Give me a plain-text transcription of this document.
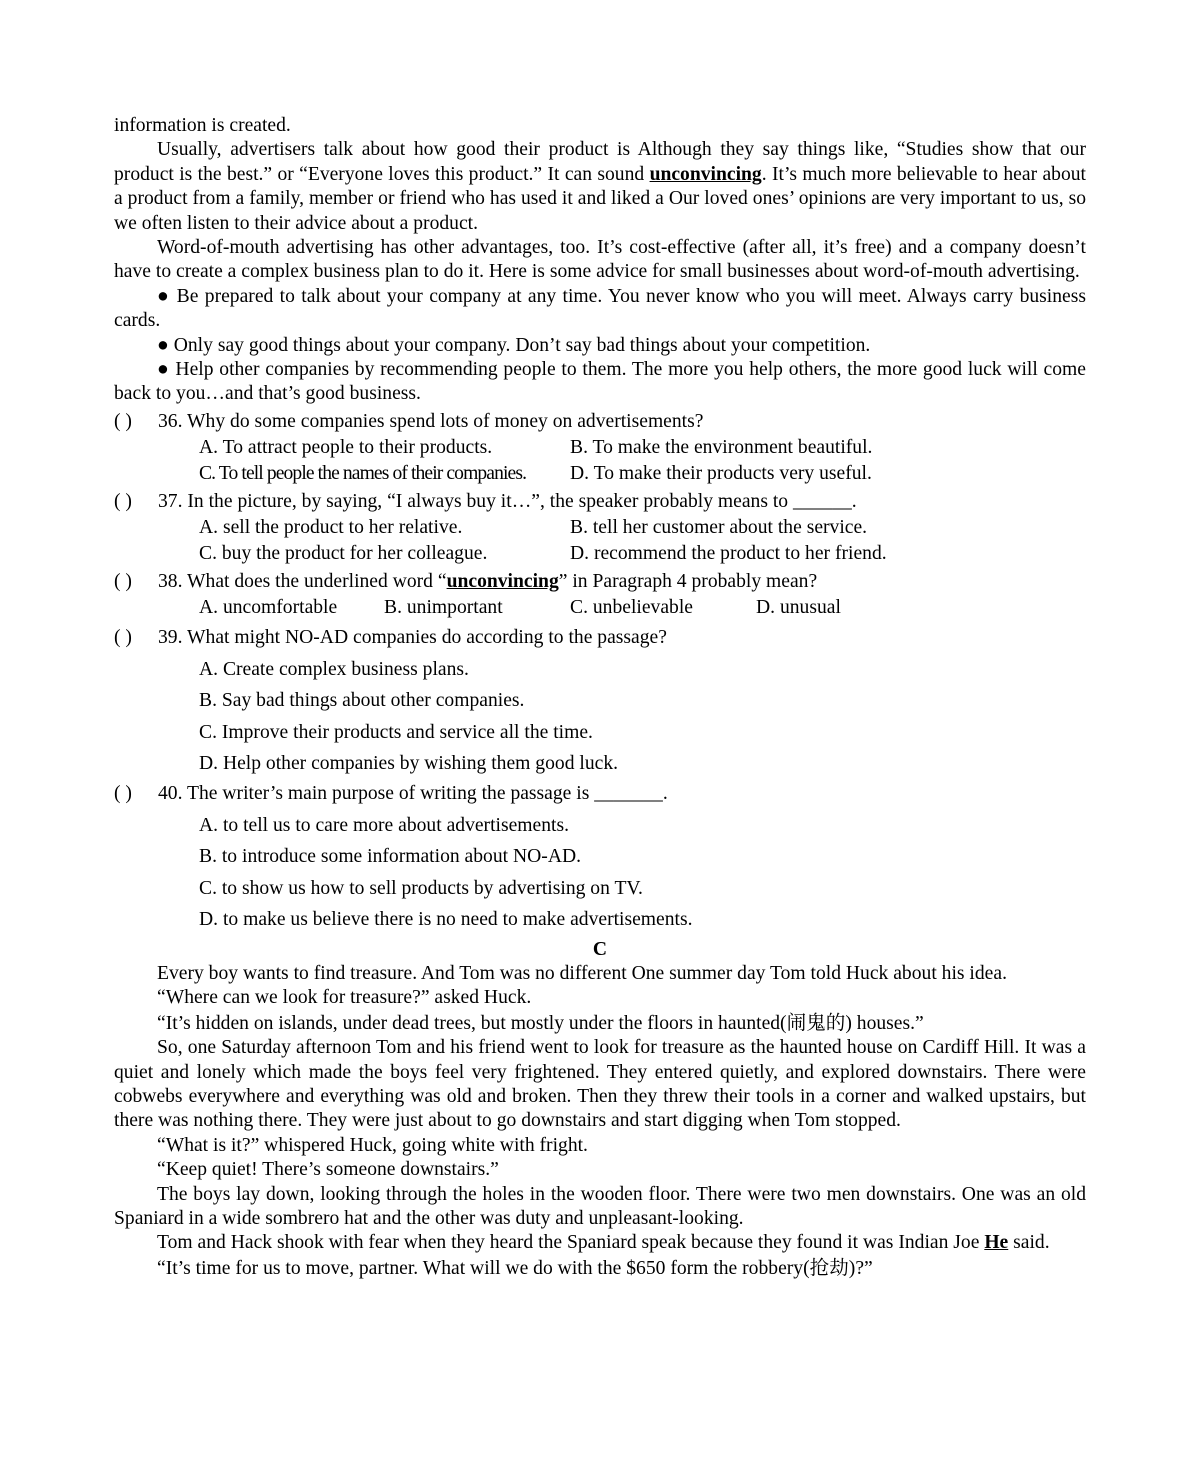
information is created.

Usually, advertisers talk about how good their product is Although they say things like, “Studies show that our product is the best.” or “Everyone loves this product.” It can sound unconvincing. It’s much more believable to hear about a product from a family, member or friend who has used it and liked a Our loved ones’ opinions are very important to us, so we often listen to their advice about a product.

Word-of-mouth advertising has other advantages, too. It’s cost-effective (after all, it’s free) and a company doesn’t have to create a complex business plan to do it. Here is some advice for small businesses about word-of-mouth advertising.

● Be prepared to talk about your company at any time. You never know who you will meet. Always carry business cards.

● Only say good things about your company. Don’t say bad things about your competition.

● Help other companies by recommending people to them. The more you help others, the more good luck will come back to you…and that’s good business.

( ) 36. Why do some companies spend lots of money on advertisements?

A. To attract people to their products.	B. To make the environment beautiful.
C. To tell people the names of their companies.	D. To make their products very useful.

( ) 37. In the picture, by saying, “I always buy it…”, the speaker probably means to ______.

A. sell the product to her relative.	B. tell her customer about the service.
C. buy the product for her colleague.	D. recommend the product to her friend.

( ) 38. What does the underlined word “unconvincing” in Paragraph 4 probably mean?

A. uncomfortable	B. unimportant	C. unbelievable	D. unusual

( ) 39. What might NO-AD companies do according to the passage?

A. Create complex business plans.
B. Say bad things about other companies.
C. Improve their products and service all the time.
D. Help other companies by wishing them good luck.

( ) 40. The writer’s main purpose of writing the passage is _______.

A. to tell us to care more about advertisements.
B. to introduce some information about NO-AD.
C. to show us how to sell products by advertising on TV.
D. to make us believe there is no need to make advertisements.
C

Every boy wants to find treasure. And Tom was no different One summer day Tom told Huck about his idea.

“Where can we look for treasure?” asked Huck.

“It’s hidden on islands, under dead trees, but mostly under the floors in haunted(闹鬼的) houses.”

So, one Saturday afternoon Tom and his friend went to look for treasure as the haunted house on Cardiff Hill. It was a quiet and lonely which made the boys feel very frightened. They entered quietly, and explored downstairs. There were cobwebs everywhere and everything was old and broken. Then they threw their tools in a corner and walked upstairs, but there was nothing there. They were just about to go downstairs and start digging when Tom stopped.

“What is it?” whispered Huck, going white with fright.

“Keep quiet! There’s someone downstairs.”

The boys lay down, looking through the holes in the wooden floor. There were two men downstairs. One was an old Spaniard in a wide sombrero hat and the other was duty and unpleasant-looking.

Tom and Hack shook with fear when they heard the Spaniard speak because they found it was Indian Joe He said.

“It’s time for us to move, partner. What will we do with the $650 form the robbery(抢劫)?”
